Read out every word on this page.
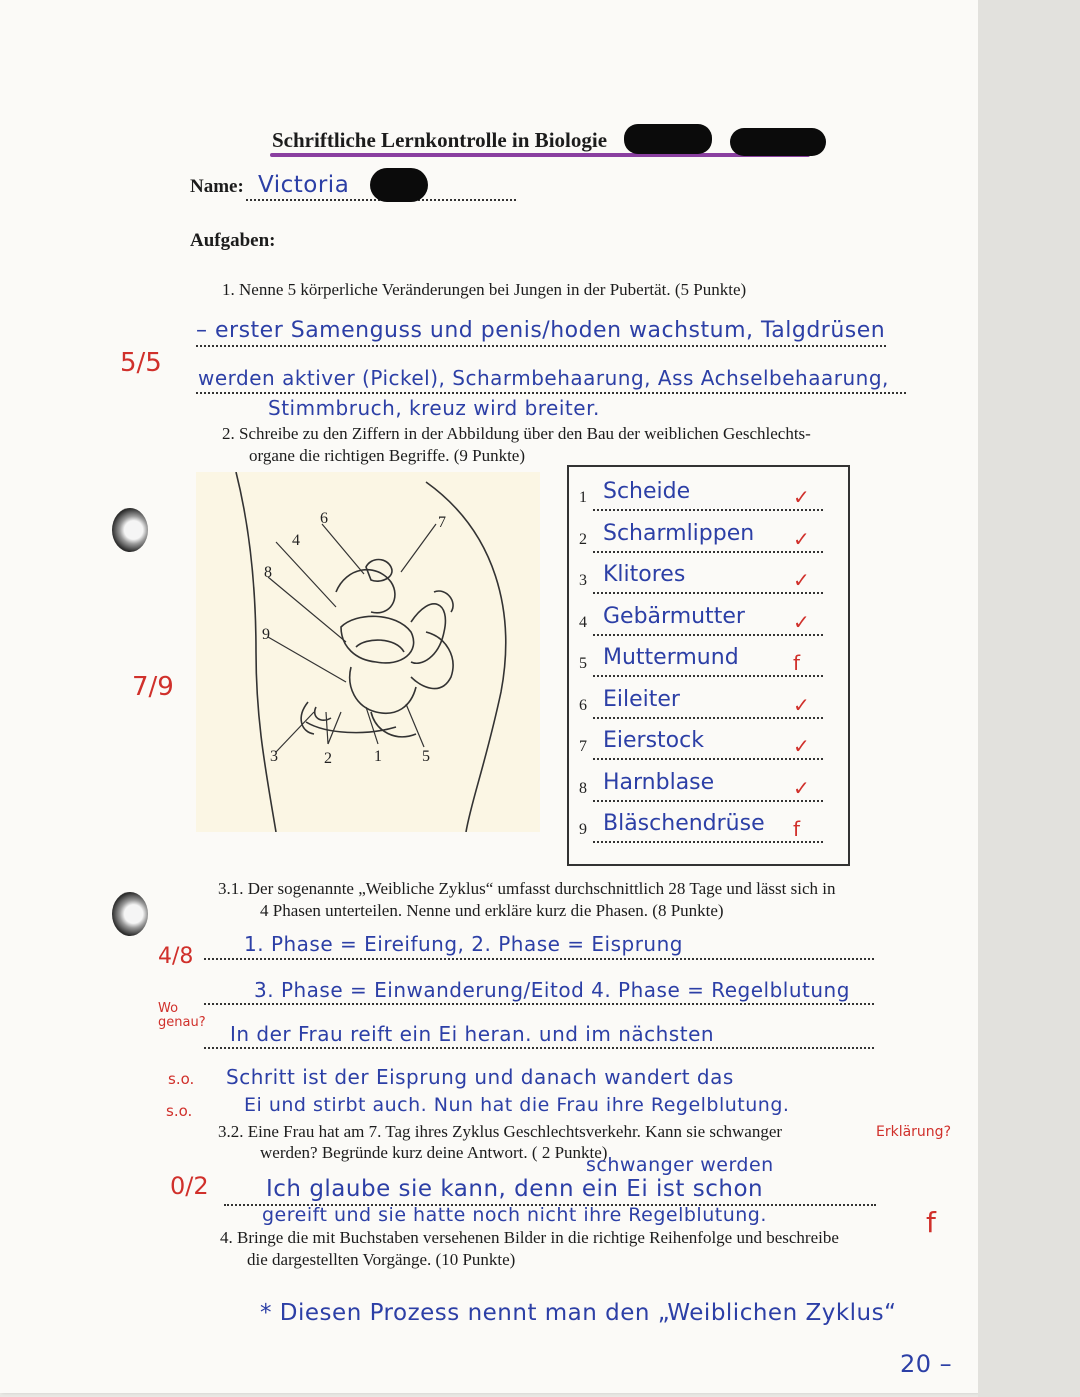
Schriftliche Lernkontrolle in Biologie
Name: Victoria
Aufgaben:
1. Nenne 5 körperliche Veränderungen bei Jungen in der Pubertät. (5 Punkte)
– erster Samenguss und penis/hoden wachstum, Talgdrüsen
werden aktiver (Pickel), Scharmbehaarung, Ass Achselbehaarung,
Stimmbruch, kreuz wird breiter.
5/5
2. Schreibe zu den Ziffern in der Abbildung über den Bau der weiblichen Geschlechts-
organe die richtigen Begriffe. (9 Punkte)
7/9
1
2
3
4
5
6	7
8
9
1 Scheide	✓
2 Scharmlippen ✓
3 Klitores	✓
4 Gebärmutter ✓
5 Muttermund	f
6 Eileiter	✓
7 Eierstock	✓
8 Harnblase	✓
9 Bläschendrüse f
3.1. Der sogenannte „Weibliche Zyklus“ umfasst durchschnittlich 28 Tage und lässt sich in
4 Phasen unterteilen. Nenne und erkläre kurz die Phasen. (8 Punkte)
4/8	1. Phase = Eireifung, 2. Phase = Eisprung
3. Phase = Einwanderung/Eitod 4. Phase = Regelblutung
In der Frau reift ein Ei heran. und im nächsten
Schritt ist der Eisprung und danach wandert das
Ei und stirbt auch. Nun hat die Frau ihre Regelblutung.
Wo genau?
s.o.
s.o.
Erklärung?
3.2. Eine Frau hat am 7. Tag ihres Zyklus Geschlechtsverkehr. Kann sie schwanger
werden? Begründe kurz deine Antwort. ( 2 Punkte)
0/2
schwanger werden
Ich glaube sie kann, denn ein Ei ist schon
gereift und sie hatte noch nicht ihre Regelblutung.	f
4. Bringe die mit Buchstaben versehenen Bilder in die richtige Reihenfolge und beschreibe
die dargestellten Vorgänge. (10 Punkte)
* Diesen Prozess nennt man den „Weiblichen Zyklus“
20 –
